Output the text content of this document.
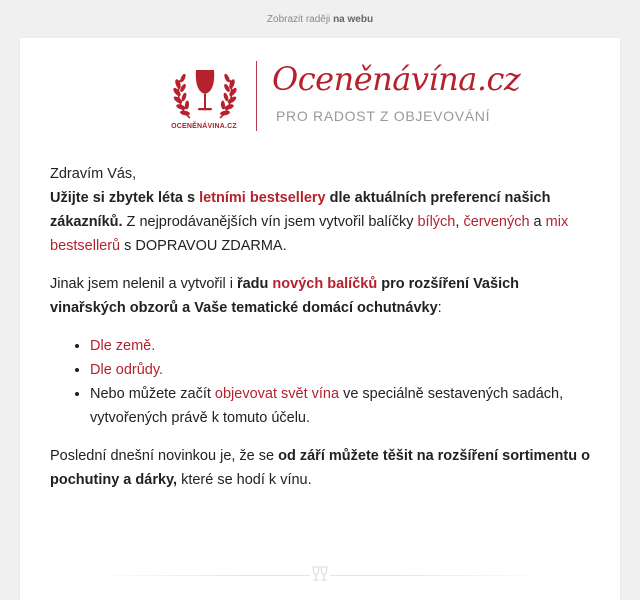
Zobrazit raději
na webu
OCENĚNÁVINA.CZ
Oceněnávína.cz
PRO RADOST Z OBJEVOVÁNÍ

Zdravím Vás,
Užijte si zbytek léta s letními bestsellery dle aktuálních preferencí našich zákazníků. Z nejprodávanějších vín jsem vytvořil balíčky bílých, červených a mix bestsellerů s DOPRAVOU ZDARMA.

Jinak jsem nelenil a vytvořil i řadu nových balíčků pro rozšíření Vašich vinařských obzorů a Vaše tematické domácí ochutnávky:

• Dle země.
• Dle odrůdy.
• Nebo můžete začít objevovat svět vína ve speciálně sestavených sadách, vytvořených právě k tomuto účelu.

Poslední dnešní novinkou je, že se od září můžete těšit na rozšíření sortimentu o pochutiny a dárky, které se hodí k vínu.
